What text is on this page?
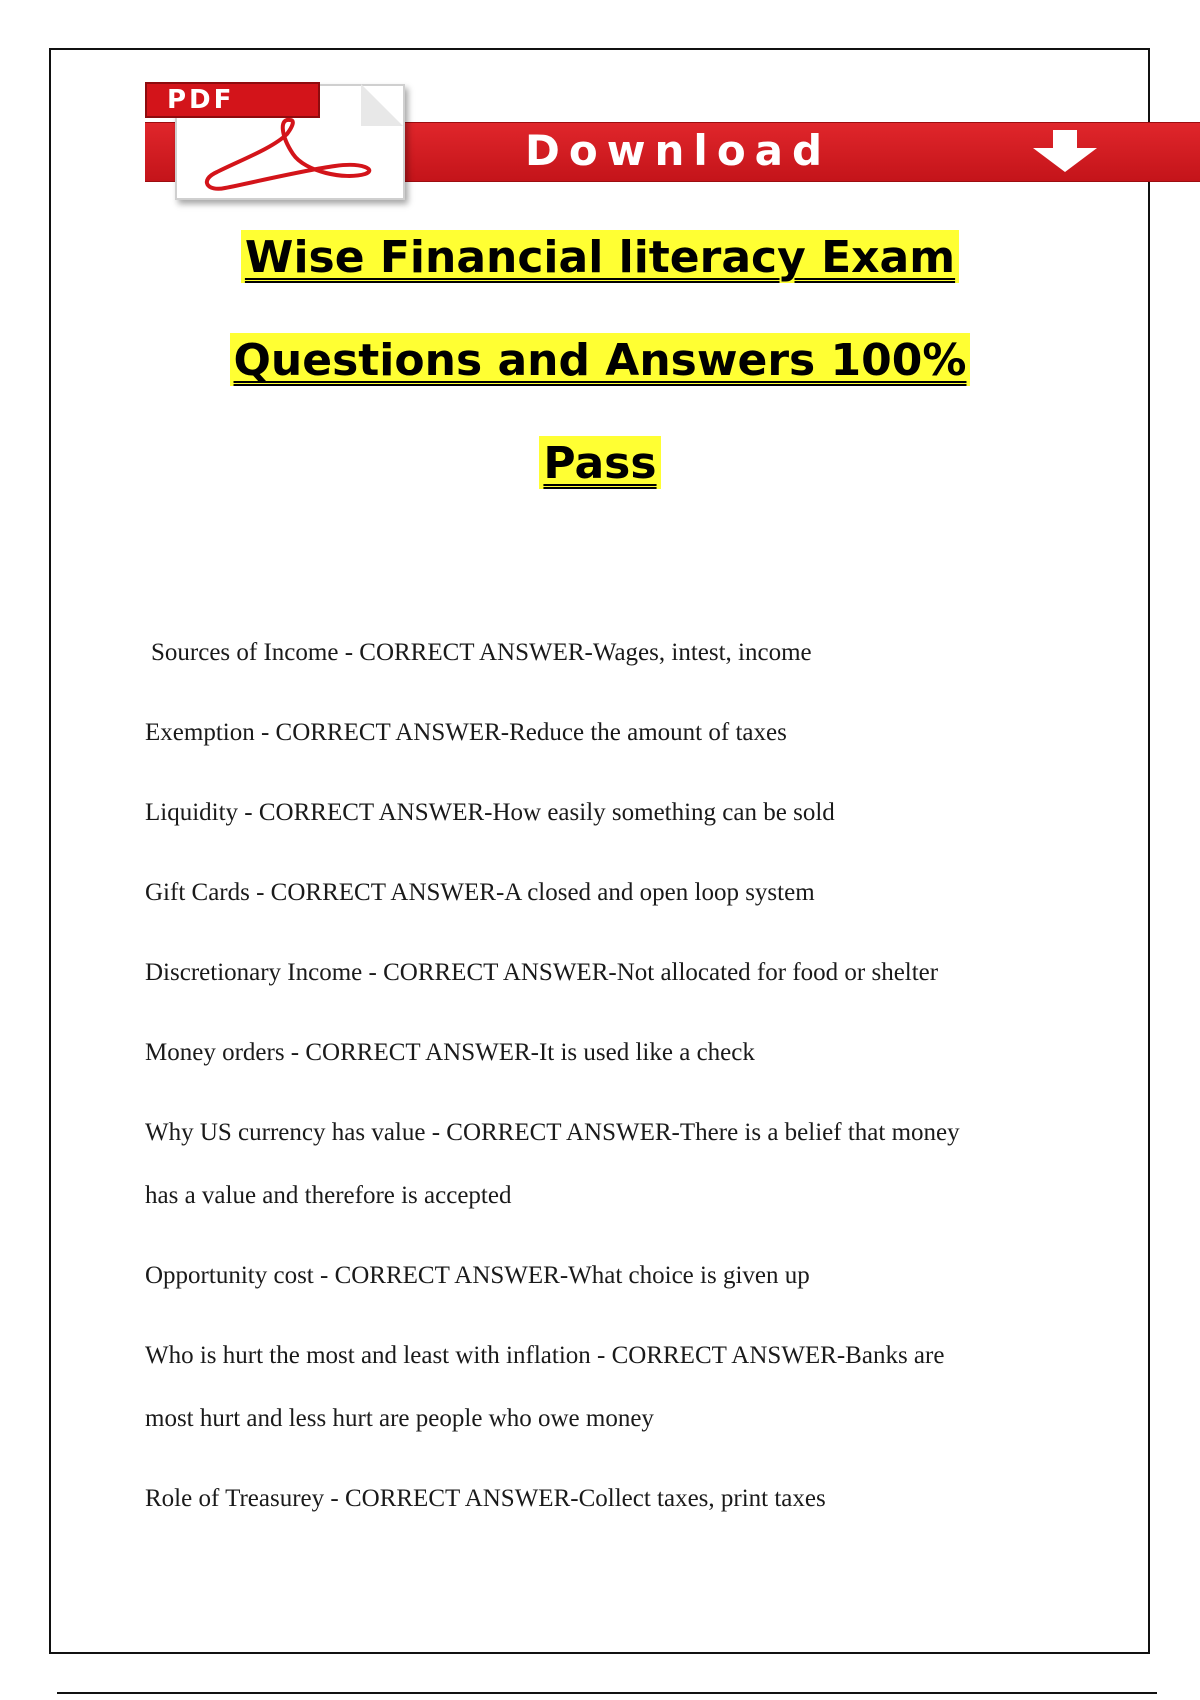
Download
PDF
Wise Financial literacy Exam
Questions and Answers 100%
Pass
Sources of Income - CORRECT ANSWER-Wages, intest, income
Exemption - CORRECT ANSWER-Reduce the amount of taxes
Liquidity - CORRECT ANSWER-How easily something can be sold
Gift Cards - CORRECT ANSWER-A closed and open loop system
Discretionary Income - CORRECT ANSWER-Not allocated for food or shelter
Money orders - CORRECT ANSWER-It is used like a check
Why US currency has value - CORRECT ANSWER-There is a belief that money
has a value and therefore is accepted
Opportunity cost - CORRECT ANSWER-What choice is given up
Who is hurt the most and least with inflation - CORRECT ANSWER-Banks are
most hurt and less hurt are people who owe money
Role of Treasurey - CORRECT ANSWER-Collect taxes, print taxes
